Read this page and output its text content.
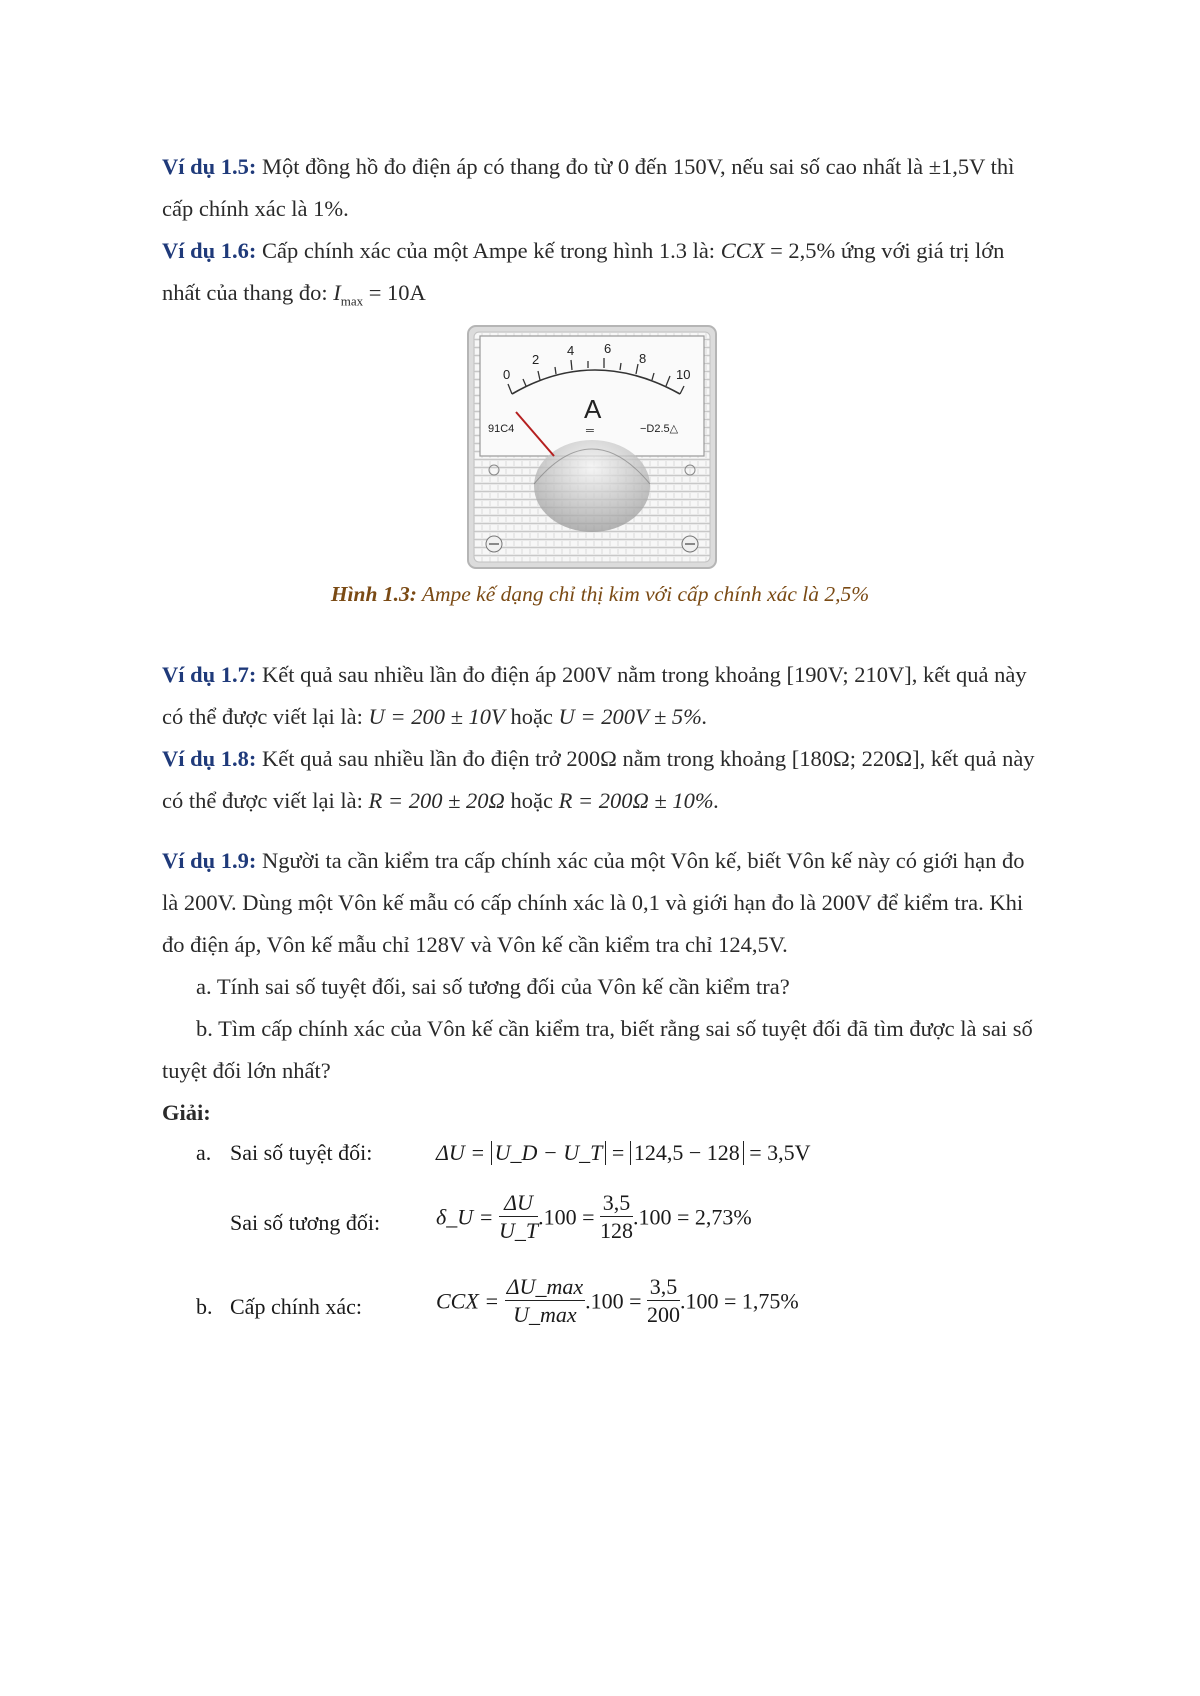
Ví dụ 1.5: Một đồng hồ đo điện áp có thang đo từ 0 đến 150V, nếu sai số cao nhất là ±1,5V thì cấp chính xác là 1%.
Ví dụ 1.6: Cấp chính xác của một Ampe kế trong hình 1.3 là: CCX = 2,5% ứng với giá trị lớn nhất của thang đo: $I_{max} = 10A$
0
2
4 6
8
10
A
═
91C4	−D2.5△
Hình 1.3: Ampe kế dạng chỉ thị kim với cấp chính xác là 2,5%
Ví dụ 1.7: Kết quả sau nhiều lần đo điện áp 200V nằm trong khoảng [190V; 210V], kết quả này có thể được viết lại là: U = 200 ± 10V hoặc U = 200V ± 5%.
Ví dụ 1.8: Kết quả sau nhiều lần đo điện trở 200Ω nằm trong khoảng [180Ω; 220Ω], kết quả này có thể được viết lại là: R = 200 ± 20Ω hoặc R = 200Ω ± 10%.
Ví dụ 1.9: Người ta cần kiểm tra cấp chính xác của một Vôn kế, biết Vôn kế này có giới hạn đo là 200V. Dùng một Vôn kế mẫu có cấp chính xác là 0,1 và giới hạn đo là 200V để kiểm tra. Khi đo điện áp, Vôn kế mẫu chỉ 128V và Vôn kế cần kiểm tra chỉ 124,5V.
a. Tính sai số tuyệt đối, sai số tương đối của Vôn kế cần kiểm tra?
b. Tìm cấp chính xác của Vôn kế cần kiểm tra, biết rằng sai số tuyệt đối đã tìm được là sai số tuyệt đối lớn nhất?
Giải:
a. Sai số tuyệt đối:	ΔU = U_D − U_T = 124,5 − 128 = 3,5V
Sai số tương đối:	δ_U = $\frac{\Delta U}{U\_T} .100 = \frac{3,5}{128} .100 = 2,73\%$
b. Cấp chính xác:	CCX = $\frac{\Delta U\_\max}{U\_\max} .100 = \frac{3,5}{200} .100 = 1,75\%$
